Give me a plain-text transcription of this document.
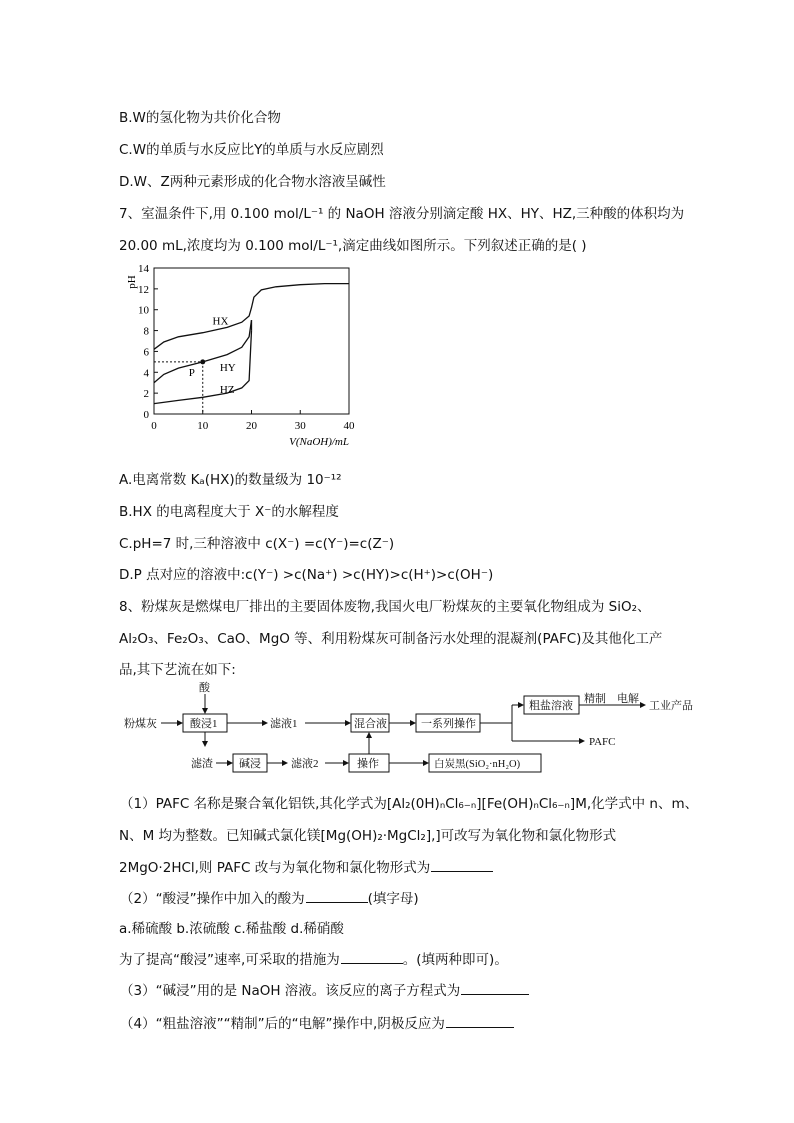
B.W的氢化物为共价化合物
C.W的单质与水反应比Y的单质与水反应剧烈
D.W、Z两种元素形成的化合物水溶液呈碱性
7、室温条件下,用 0.100 mol/L⁻¹ 的 NaOH 溶液分别滴定酸 HX、HY、HZ,三种酸的体积均为
20.00 mL,浓度均为 0.100 mol/L⁻¹,滴定曲线如图所示。下列叙述正确的是( )
0
2
4
6
8
10
12
14
0	10	20	30	40
V(NaOH)/mL
pH
HX
HY
HZ
P
A.电离常数 Kₐ(HX)的数量级为 10⁻¹²
B.HX 的电离程度大于 X⁻的水解程度
C.pH=7 时,三种溶液中 c(X⁻) =c(Y⁻)=c(Z⁻)
D.P 点对应的溶液中:c(Y⁻) >c(Na⁺) >c(HY)>c(H⁺)>c(OH⁻)
8、粉煤灰是燃煤电厂排出的主要固体废物,我国火电厂粉煤灰的主要氧化物组成为 SiO₂、
Al₂O₃、Fe₂O₃、CaO、MgO 等、利用粉煤灰可制备污水处理的混凝剂(PAFC)及其他化工产
品,其下艺流在如下:
酸
粉煤灰	酸浸1	滤液1	混合液	一系列操作
粗盐溶液
精制 电解
工业产品
PAFC
滤渣 碱浸	滤液2	操作	白炭黑(SiO₂·nH₂O)
（1）PAFC 名称是聚合氧化铝铁,其化学式为[Al₂(0H)ₙCl₆₋ₙ][Fe(OH)ₙCl₆₋ₙ]M,化学式中 n、m、
N、M 均为整数。已知碱式氯化镁[Mg(OH)₂·MgCl₂],]可改写为氧化物和氯化物形式
2MgO·2HCl,则 PAFC 改与为氧化物和氯化物形式为
（2）“酸浸”操作中加入的酸为	(填字母)
a.稀硫酸 b.浓硫酸 c.稀盐酸 d.稀硝酸
为了提高“酸浸”速率,可采取的措施为	。(填两种即可)。
（3）“碱浸”用的是 NaOH 溶液。该反应的离子方程式为
（4）“粗盐溶液”“精制”后的“电解”操作中,阴极反应为
